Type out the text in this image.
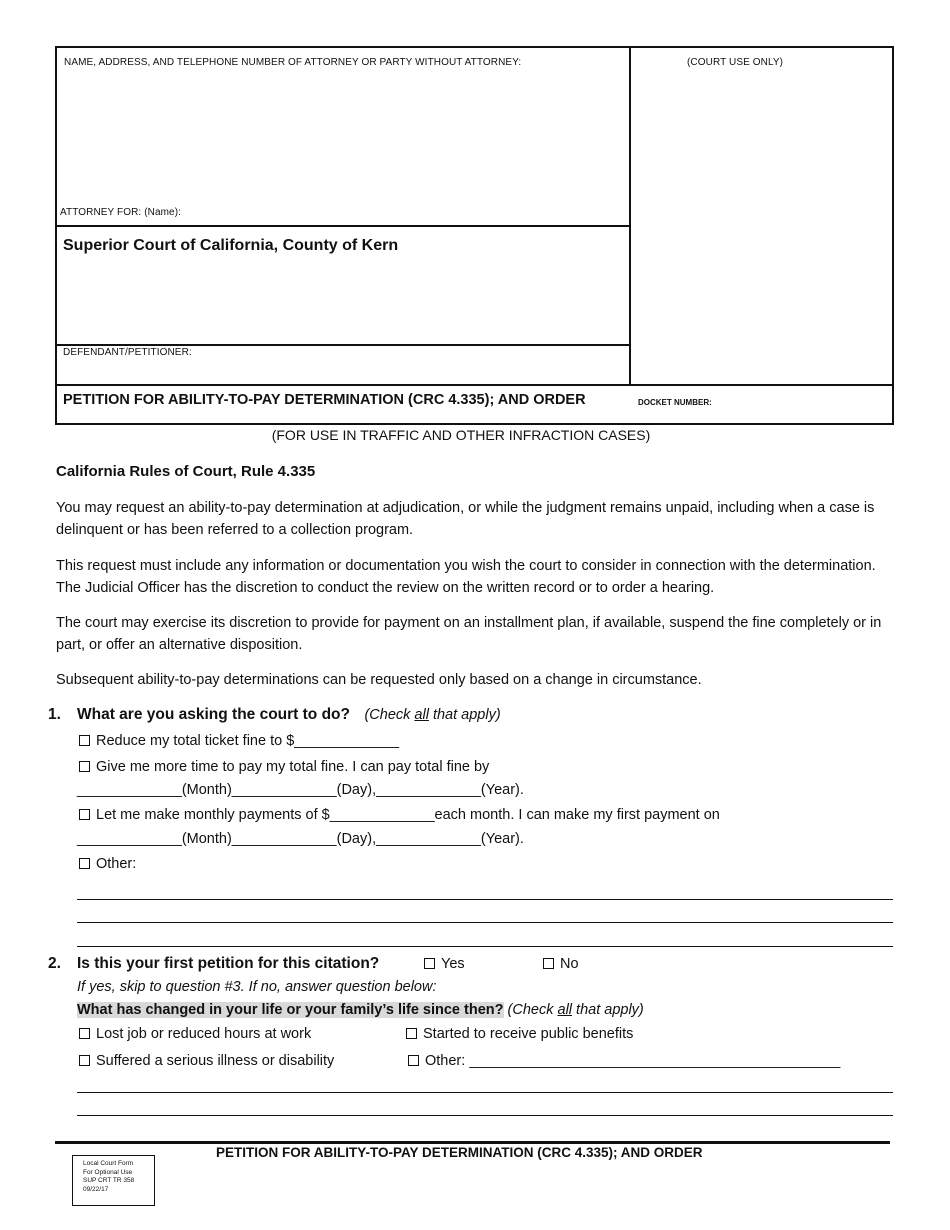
NAME, ADDRESS, AND TELEPHONE NUMBER OF ATTORNEY OR PARTY WITHOUT ATTORNEY:	(COURT USE ONLY)
ATTORNEY FOR: (Name):
Superior Court of California, County of Kern
DEFENDANT/PETITIONER:
PETITION FOR ABILITY-TO-PAY DETERMINATION (CRC 4.335); AND ORDER	DOCKET NUMBER:
(FOR USE IN TRAFFIC AND OTHER INFRACTION CASES)
California Rules of Court, Rule 4.335
You may request an ability-to-pay determination at adjudication, or while the judgment remains unpaid, including when a case is delinquent or has been referred to a collection program.
This request must include any information or documentation you wish the court to consider in connection with the determination. The Judicial Officer has the discretion to conduct the review on the written record or to order a hearing.
The court may exercise its discretion to provide for payment on an installment plan, if available, suspend the fine completely or in part, or offer an alternative disposition.
Subsequent ability-to-pay determinations can be requested only based on a change in circumstance.
1. What are you asking the court to do? (Check all that apply)
Reduce my total ticket fine to $_____________
Give me more time to pay my total fine. I can pay total fine by
_____________(Month)_____________(Day),_____________(Year).
Let me make monthly payments of $_____________each month. I can make my first payment on
_____________(Month)_____________(Day),_____________(Year).
Other:
2. Is this your first petition for this citation?	Yes	No
If yes, skip to question #3. If no, answer question below:
What has changed in your life or your family’s life since then? (Check all that apply)
Lost job or reduced hours at work	Started to receive public benefits
Suffered a serious illness or disability	Other: ______________________________________________
PETITION FOR ABILITY-TO-PAY DETERMINATION (CRC 4.335); AND ORDER
Local Court Form
For Optional Use
SUP CRT TR 358
09/22/17
